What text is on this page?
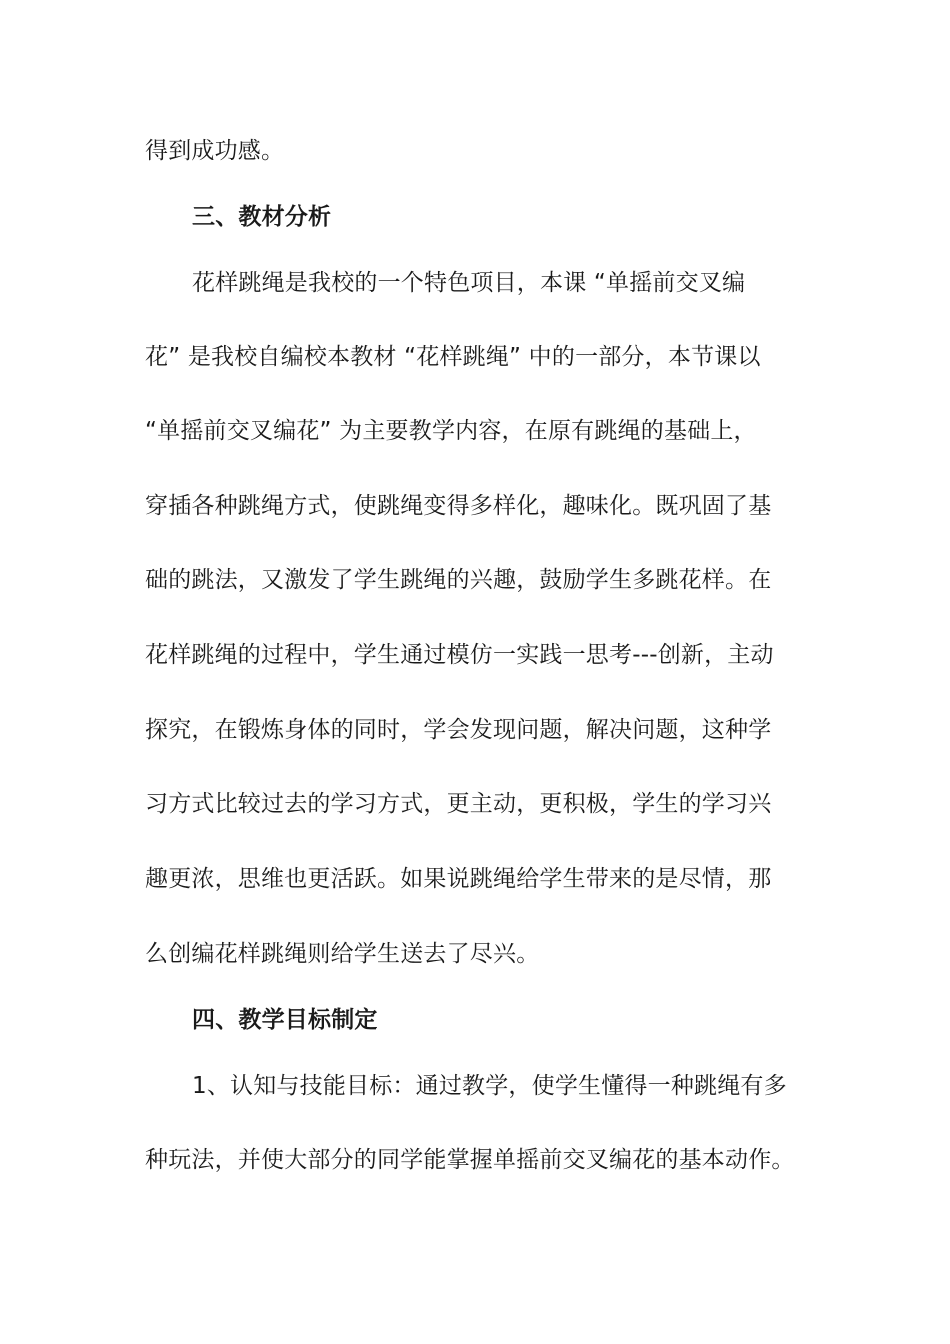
得到成功感。
三、教材分析
花样跳绳是我校的一个特色项目，本课 “单摇前交叉编
花” 是我校自编校本教材 “花样跳绳” 中的一部分，本节课以
“单摇前交叉编花” 为主要教学内容，在原有跳绳的基础上，
穿插各种跳绳方式，使跳绳变得多样化，趣味化。既巩固了基
础的跳法，又激发了学生跳绳的兴趣，鼓励学生多跳花样。在
花样跳绳的过程中，学生通过模仿一实践一思考---创新，主动
探究，在锻炼身体的同时，学会发现问题，解决问题，这种学
习方式比较过去的学习方式，更主动，更积极，学生的学习兴
趣更浓，思维也更活跃。如果说跳绳给学生带来的是尽情，那
么创编花样跳绳则给学生送去了尽兴。
四、教学目标制定
1、认知与技能目标：通过教学，使学生懂得一种跳绳有多
种玩法，并使大部分的同学能掌握单摇前交叉编花的基本动作。
